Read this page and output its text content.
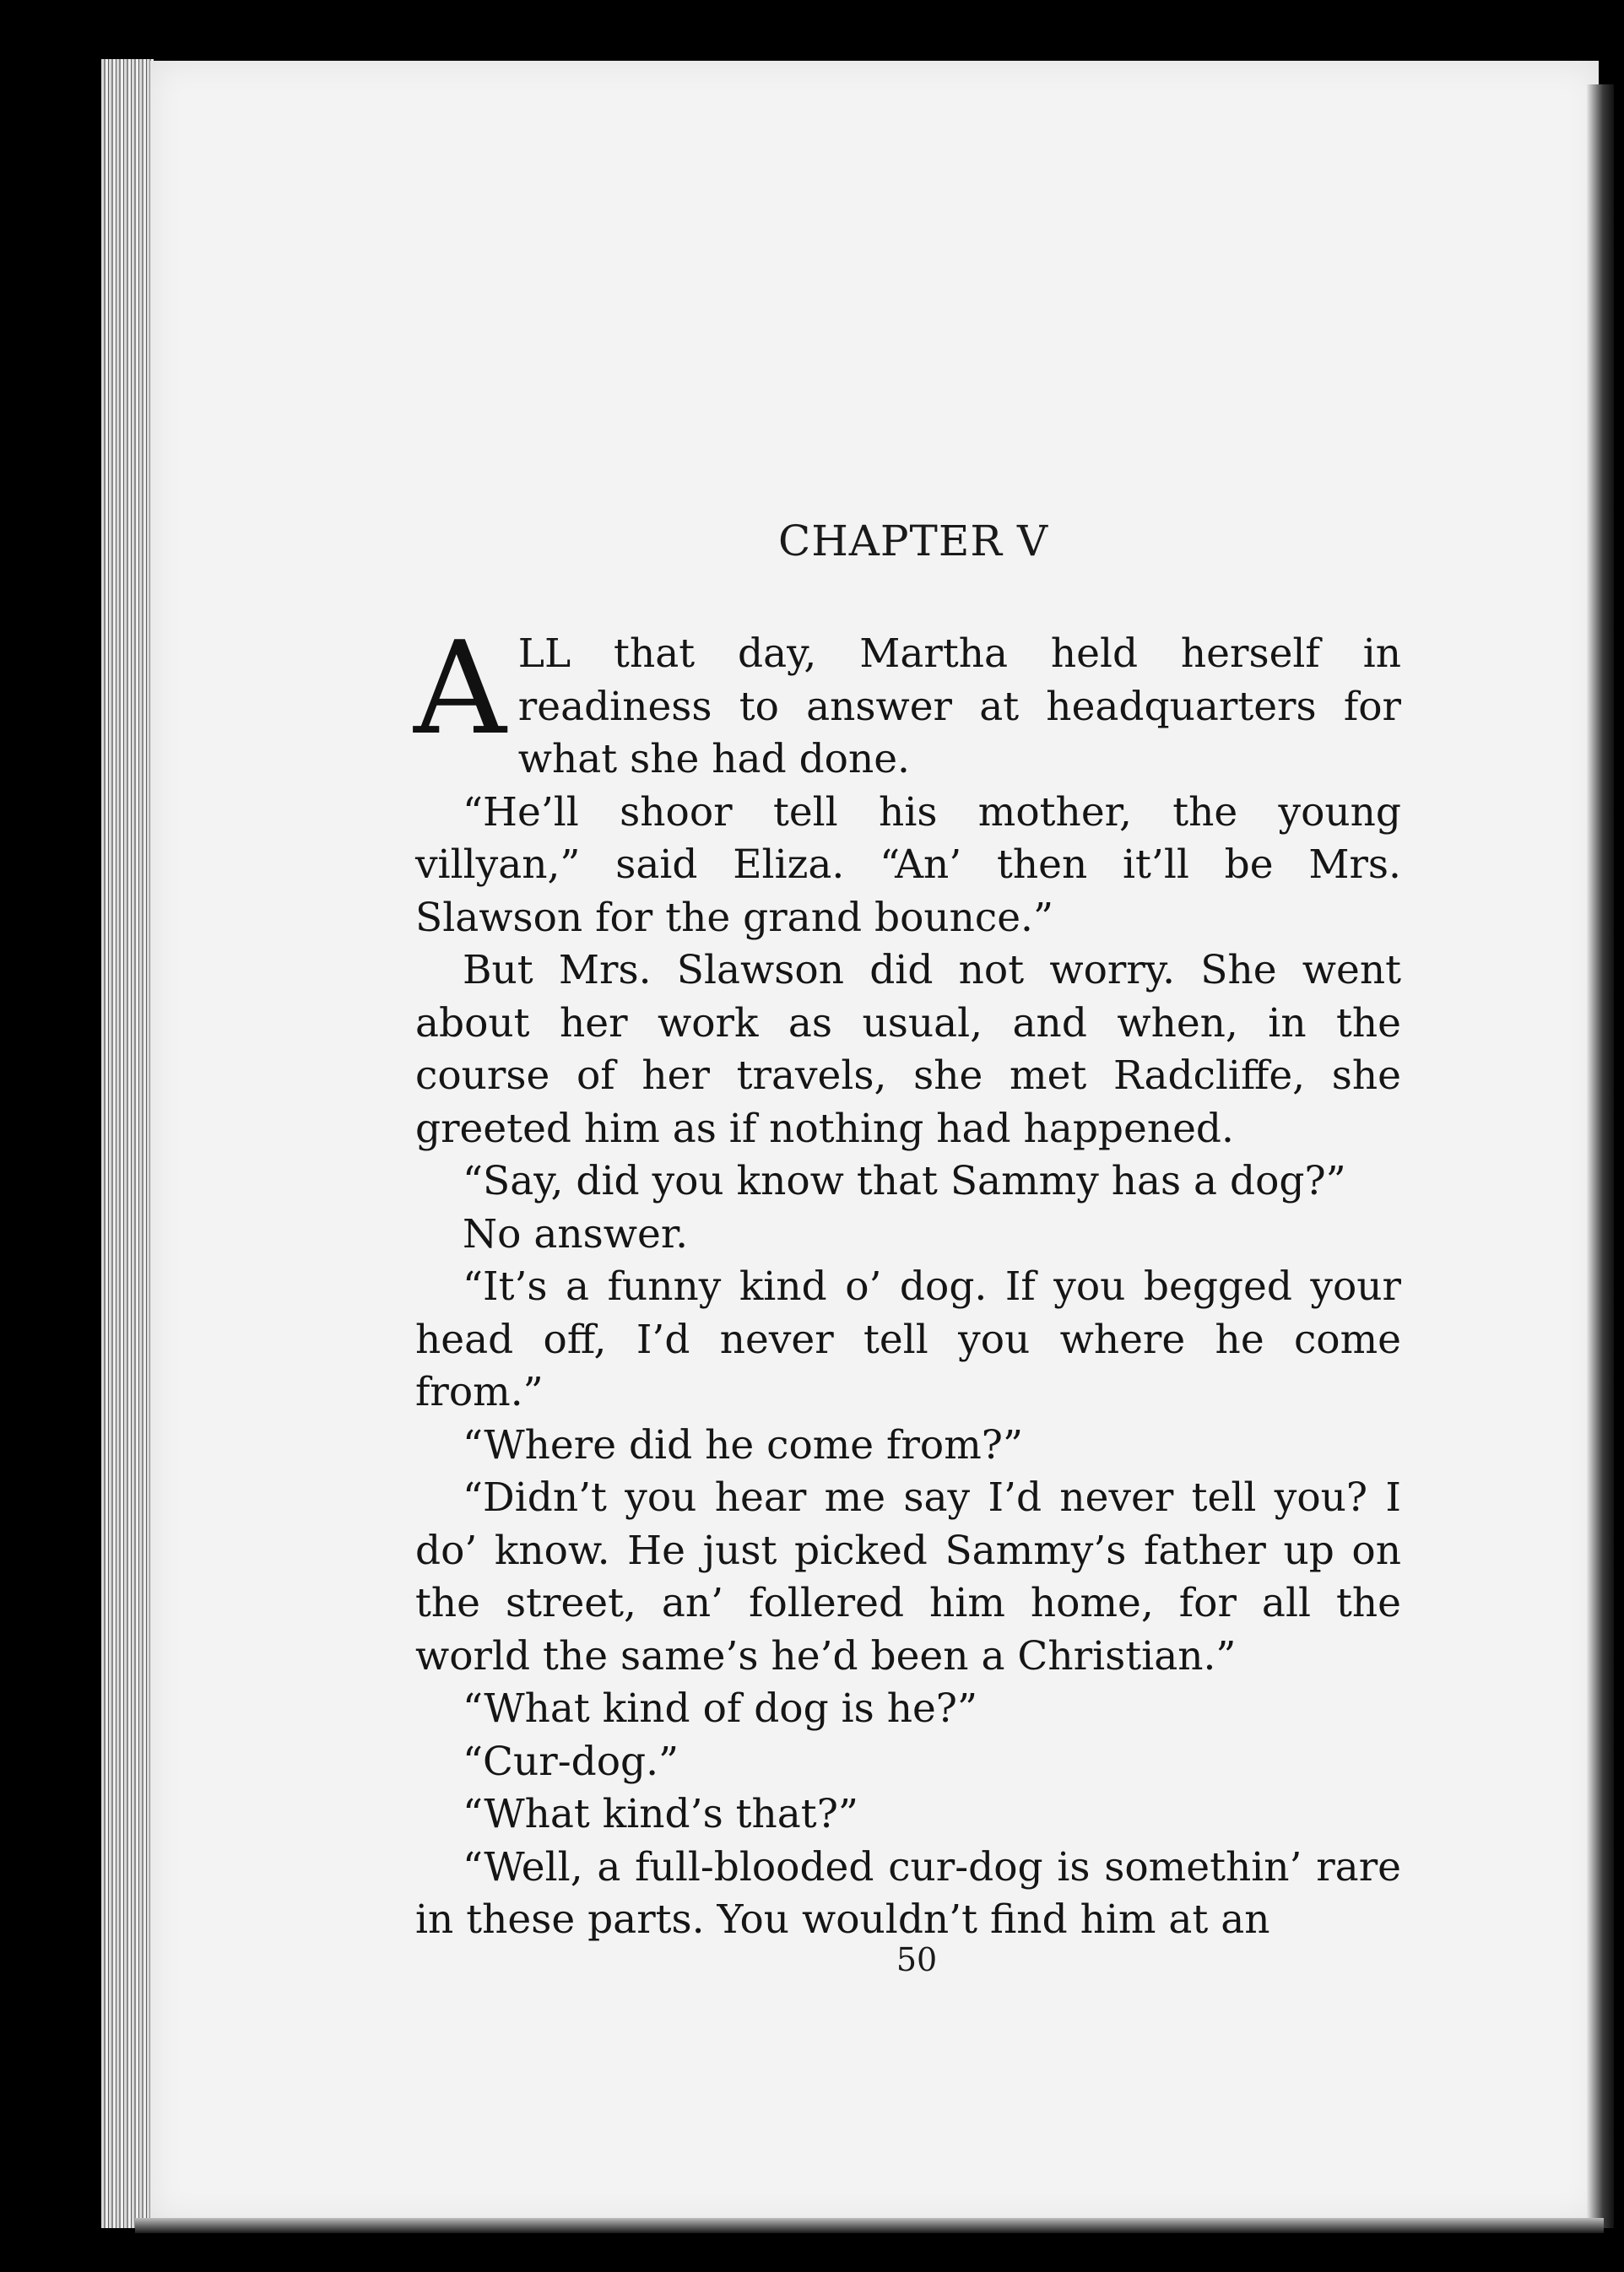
CHAPTER V

ALL that day, Martha held herself in readiness to answer at headquarters for what she had done.

“He’ll shoor tell his mother, the young villyan,” said Eliza. “An’ then it’ll be Mrs. Slawson for the grand bounce.”

But Mrs. Slawson did not worry. She went about her work as usual, and when, in the course of her travels, she met Radcliffe, she greeted him as if nothing had happened.

“Say, did you know that Sammy has a dog?”

No answer.

“It’s a funny kind o’ dog. If you begged your head off, I’d never tell you where he come from.”

“Where did he come from?”

“Didn’t you hear me say I’d never tell you? I do’ know. He just picked Sammy’s father up on the street, an’ follered him home, for all the world the same’s he’d been a Christian.”

“What kind of dog is he?”

“Cur-dog.”

“What kind’s that?”

“Well, a full-blooded cur-dog is somethin’ rare in these parts. You wouldn’t find him at an

50
